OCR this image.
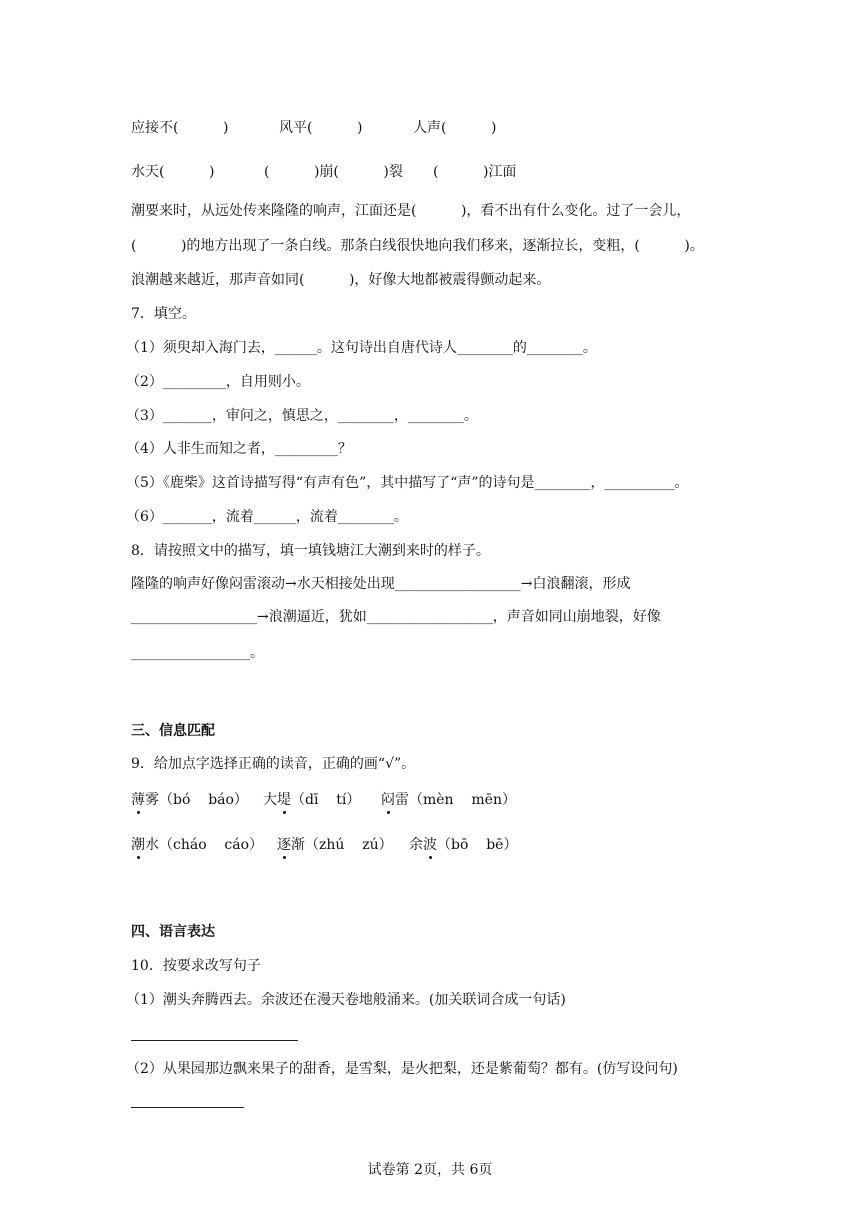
应接不(          )	风平(          )	人声(          )
水天(          )	(          )崩(          )裂 (          )江面
潮要来时，从远处传来隆隆的响声，江面还是(          )，看不出有什么变化。过了一会儿，
(          )的地方出现了一条白线。那条白线很快地向我们移来，逐渐拉长，变粗，(          )。
浪潮越来越近，那声音如同(          )，好像大地都被震得颤动起来。
7．填空。
（1）须臾却入海门去，______。这句诗出自唐代诗人________的________。
（2）_________，自用则小。
（3）_______，审问之，慎思之，________，________。
（4）人非生而知之者，_________？
（5）《鹿柴》这首诗描写得“有声有色”，其中描写了“声”的诗句是________，__________。
（6）_______，流着______，流着________。
8．请按照文中的描写，填一填钱塘江大潮到来时的样子。
隆隆的响声好像闷雷滚动→水天相接处出现__________________→白浪翻滚，形成
__________________→浪潮逼近，犹如__________________，声音如同山崩地裂，好像
_________________。
三、信息匹配
9．给加点字选择正确的读音，正确的画“√”。
薄雾（bó    báo） 大堤（dī    tí） 闷雷（mèn    mēn）
潮水（cháo    cáo） 逐渐（zhú    zú） 余波（bō    bē）
四、语言表达
10．按要求改写句子
（1）潮头奔腾西去。余波还在漫天卷地般涌来。(加关联词合成一句话)
（2）从果园那边飘来果子的甜香，是雪梨，是火把梨，还是紫葡萄？都有。(仿写设问句)
试卷第 2页，共 6页
